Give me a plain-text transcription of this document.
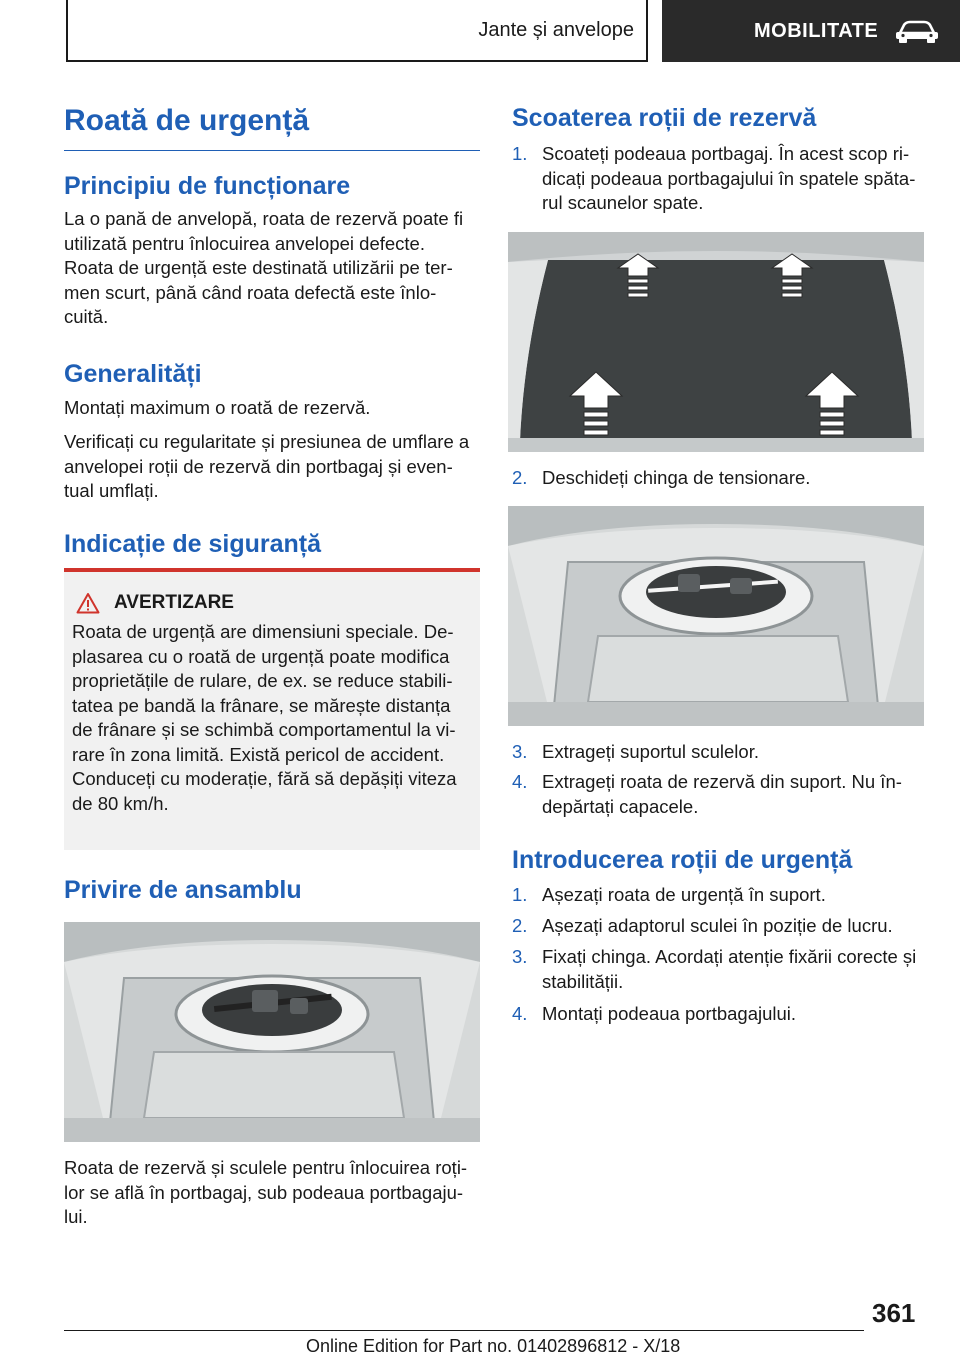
Jante și anvelope	MOBILITATE
Roată de urgență
Principiu de funcționare

La o pană de anvelopă, roata de rezervă poate fi

utilizată pentru înlocuirea anvelopei defecte.

Roata de urgență este destinată utilizării pe ter-

men scurt, până când roata defectă este înlo-

cuită.

Generalități

Montați maximum o roată de rezervă.

Verificați cu regularitate și presiunea de umflare a

anvelopei roții de rezervă din portbagaj și even-

tual umflați.

Indicație de siguranță
AVERTIZARE

Roata de urgență are dimensiuni speciale. De-

plasarea cu o roată de urgență poate modifica

proprietățile de rulare, de ex. se reduce stabili-

tatea pe bandă la frânare, se mărește distanța

de frânare și se schimbă comportamentul la vi-

rare în zona limită. Există pericol de accident.

Conduceți cu moderație, fără să depășiți viteza

de 80 km/h.

Privire de ansamblu

Roata de rezervă și sculele pentru înlocuirea roți-

lor se află în portbagaj, sub podeaua portbagaju-

lui.

Scoaterea roții de rezervă
1. Scoateți podeaua portbagaj. În acest scop ri-
dicați podeaua portbagajului în spatele spăta-
rul scaunelor spate.
2. Deschideți chinga de tensionare.
3. Extrageți suportul sculelor.
4. Extrageți roata de rezervă din suport. Nu în-
depărtați capacele.
Introducerea roții de urgență
1. Așezați roata de urgență în suport.
2. Așezați adaptorul sculei în poziție de lucru.
3. Fixați chinga. Acordați atenție fixării corecte și
stabilității.
4. Montați podeaua portbagajului.
361
Online Edition for Part no. 01402896812 - X/18
